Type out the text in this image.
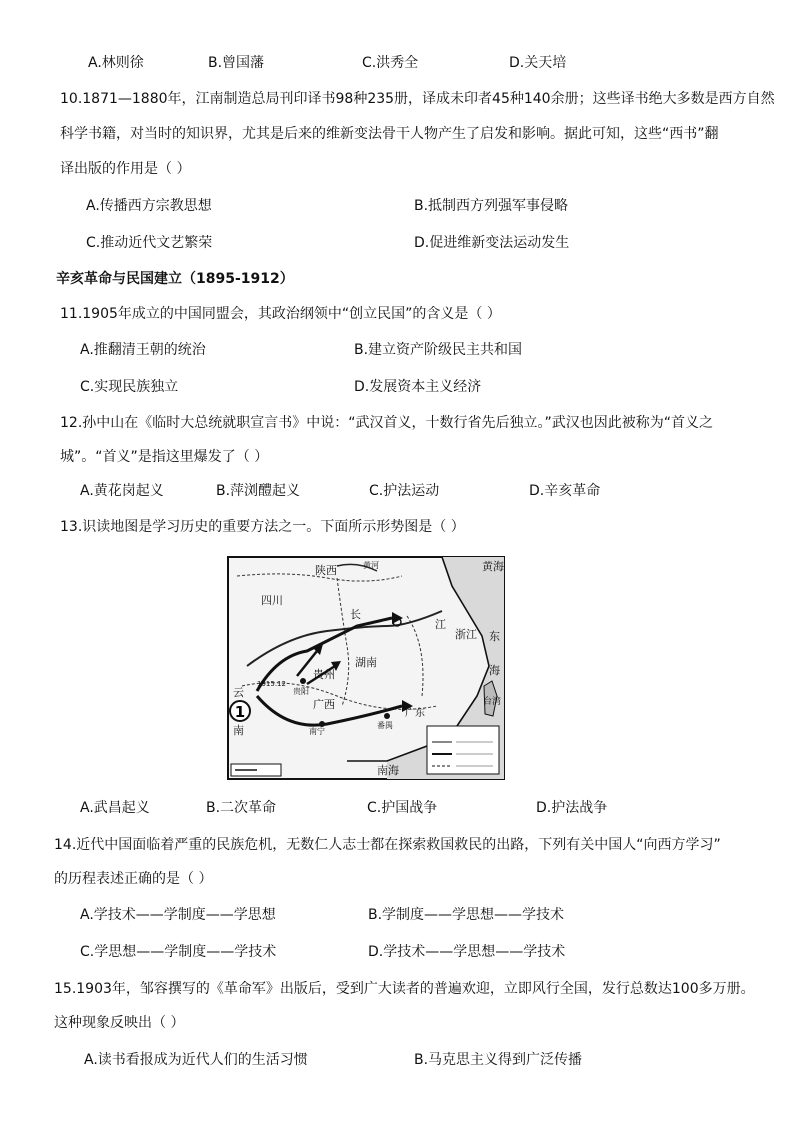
A.林则徐	B.曾国藩	C.洪秀全	D.关天培
10.1871—1880年，江南制造总局刊印译书98种235册，译成未印者45种140余册；这些译书绝大多数是西方自然
科学书籍，对当时的知识界，尤其是后来的维新变法骨干人物产生了启发和影响。据此可知，这些“西书”翻
译出版的作用是（ ）
A.传播西方宗教思想	B.抵制西方列强军事侵略
C.推动近代文艺繁荣	D.促进维新变法运动发生
辛亥革命与民国建立（1895-1912）
11.1905年成立的中国同盟会，其政治纲领中“创立民国”的含义是（ ）
A.推翻清王朝的统治	B.建立资产阶级民主共和国
C.实现民族独立	D.发展资本主义经济
12.孙中山在《临时大总统就职宣言书》中说：“武汉首义，十数行省先后独立。”武汉也因此被称为“首义之
城”。“首义”是指这里爆发了（ ）
A.黄花岗起义	B.萍浏醴起义	C.护法运动	D.辛亥革命
13.识读地图是学习历史的重要方法之一。下面所示形势图是（ ）
1
陕西	黄河	黄海
四川
长
江
浙江 东
海
湖南
贵州
贵阳
云
南
1915.12
广西
南宁
番禺
广东
台湾
南海
A.武昌起义	B.二次革命	C.护国战争	D.护法战争
14.近代中国面临着严重的民族危机，无数仁人志士都在探索救国救民的出路，下列有关中国人“向西方学习”
的历程表述正确的是（ ）
A.学技术——学制度——学思想	B.学制度——学思想——学技术
C.学思想——学制度——学技术	D.学技术——学思想——学技术
15.1903年，邹容撰写的《革命军》出版后，受到广大读者的普遍欢迎，立即风行全国，发行总数达100多万册。
这种现象反映出（ ）
A.读书看报成为近代人们的生活习惯	B.马克思主义得到广泛传播
